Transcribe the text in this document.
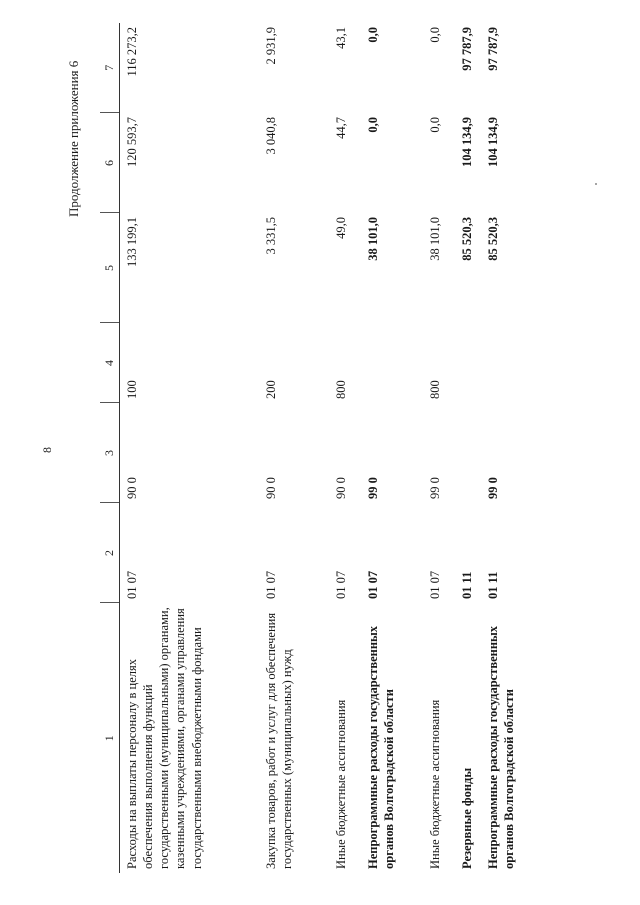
8
Продолжение приложения 6
1	2	3	4	5	6	7
Расходы на выплаты персоналу в целях обеспечения выполнения функций государственными (муниципальными) органами, казенными учреждениями, органами управления государственными внебюджетными фондами	01 07	90 0	100	133 199,1	120 593,7	116 273,2
Закупка товаров, работ и услуг для обеспечения государственных (муниципальных) нужд	01 07	90 0	200	3 331,5	3 040,8	2 931,9
Иные бюджетные ассигнования	01 07	90 0	800	49,0	44,7	43,1
Непрограммные расходы государственных органов Волгоградской области	01 07	99 0		38 101,0	0,0	0,0
Иные бюджетные ассигнования	01 07	99 0	800	38 101,0	0,0	0,0
Резервные фонды	01 11			85 520,3	104 134,9	97 787,9
Непрограммные расходы государственных органов Волгоградской области	01 11	99 0		85 520,3	104 134,9	97 787,9
